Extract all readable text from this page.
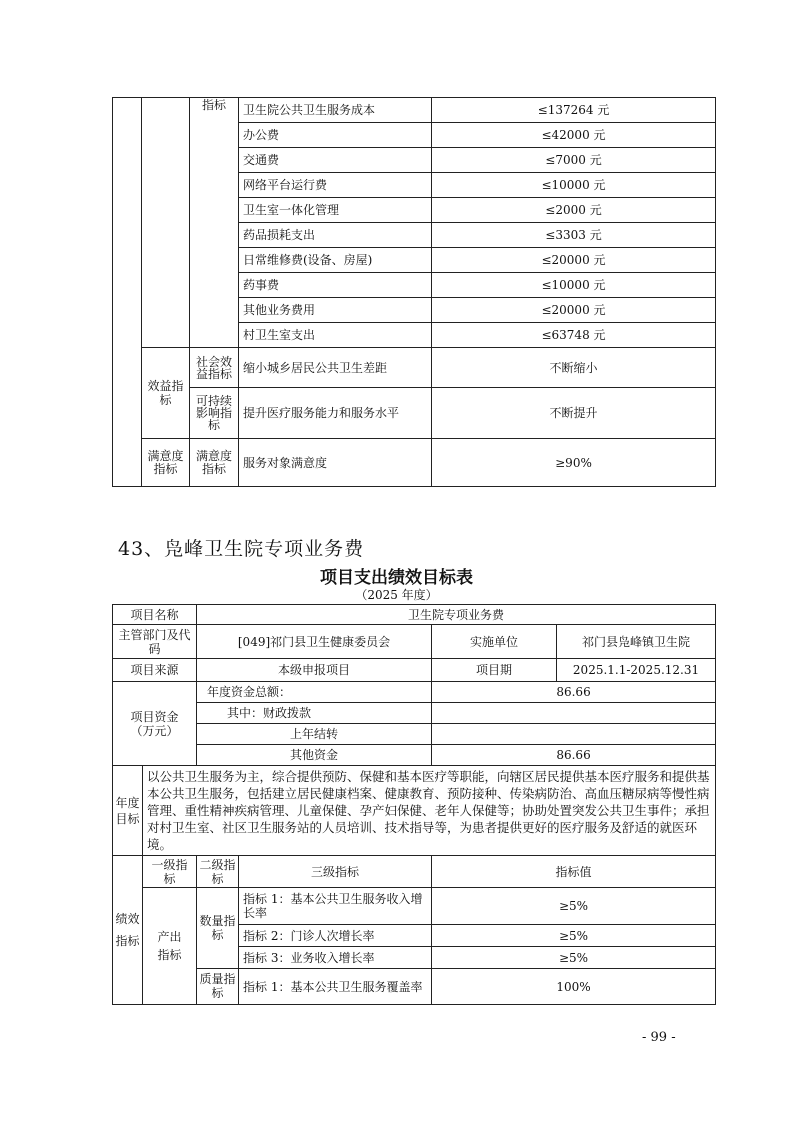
		指标	卫生院公共卫生服务成本	≤137264 元
			办公费	≤42000 元
			交通费	≤7000 元
			网络平台运行费	≤10000 元
			卫生室一体化管理	≤2000 元
			药品损耗支出	≤3303 元
			日常维修费(设备、房屋)	≤20000 元
			药事费	≤10000 元
			其他业务费用	≤20000 元
			村卫生室支出	≤63748 元
	效益指标	社会效益指标	缩小城乡居民公共卫生差距	不断缩小
		可持续影响指标	提升医疗服务能力和服务水平	不断提升
	满意度指标	满意度指标	服务对象满意度	≥90%
43、凫峰卫生院专项业务费
项目支出绩效目标表
（2025 年度）
项目名称		卫生院专项业务费			
主管部门及代码		[049]祁门县卫生健康委员会		实施单位	祁门县凫峰镇卫生院
项目来源		本级申报项目		项目期	2025.1.1-2025.12.31
项目资金（万元）		年度资金总额：		86.66	
		其中：财政拨款			
		上年结转			
		其他资金		86.66	
年度目标	以公共卫生服务为主，综合提供预防、保健和基本医疗等职能，向辖区居民提供基本医疗服务和提供基本公共卫生服务，包括建立居民健康档案、健康教育、预防接种、传染病防治、高血压糖尿病等慢性病管理、重性精神疾病管理、儿童保健、孕产妇保健、老年人保健等；协助处置突发公共卫生事件；承担对村卫生室、社区卫生服务站的人员培训、技术指导等，为患者提供更好的医疗服务及舒适的就医环境。				
绩效指标	一级指标	二级指标	三级指标	指标值	
	产出指标	数量指标	指标 1：基本公共卫生服务收入增长率	≥5%	
			指标 2：门诊人次增长率	≥5%	
			指标 3：业务收入增长率	≥5%	
		质量指标	指标 1：基本公共卫生服务覆盖率	100%	
- 99 -
